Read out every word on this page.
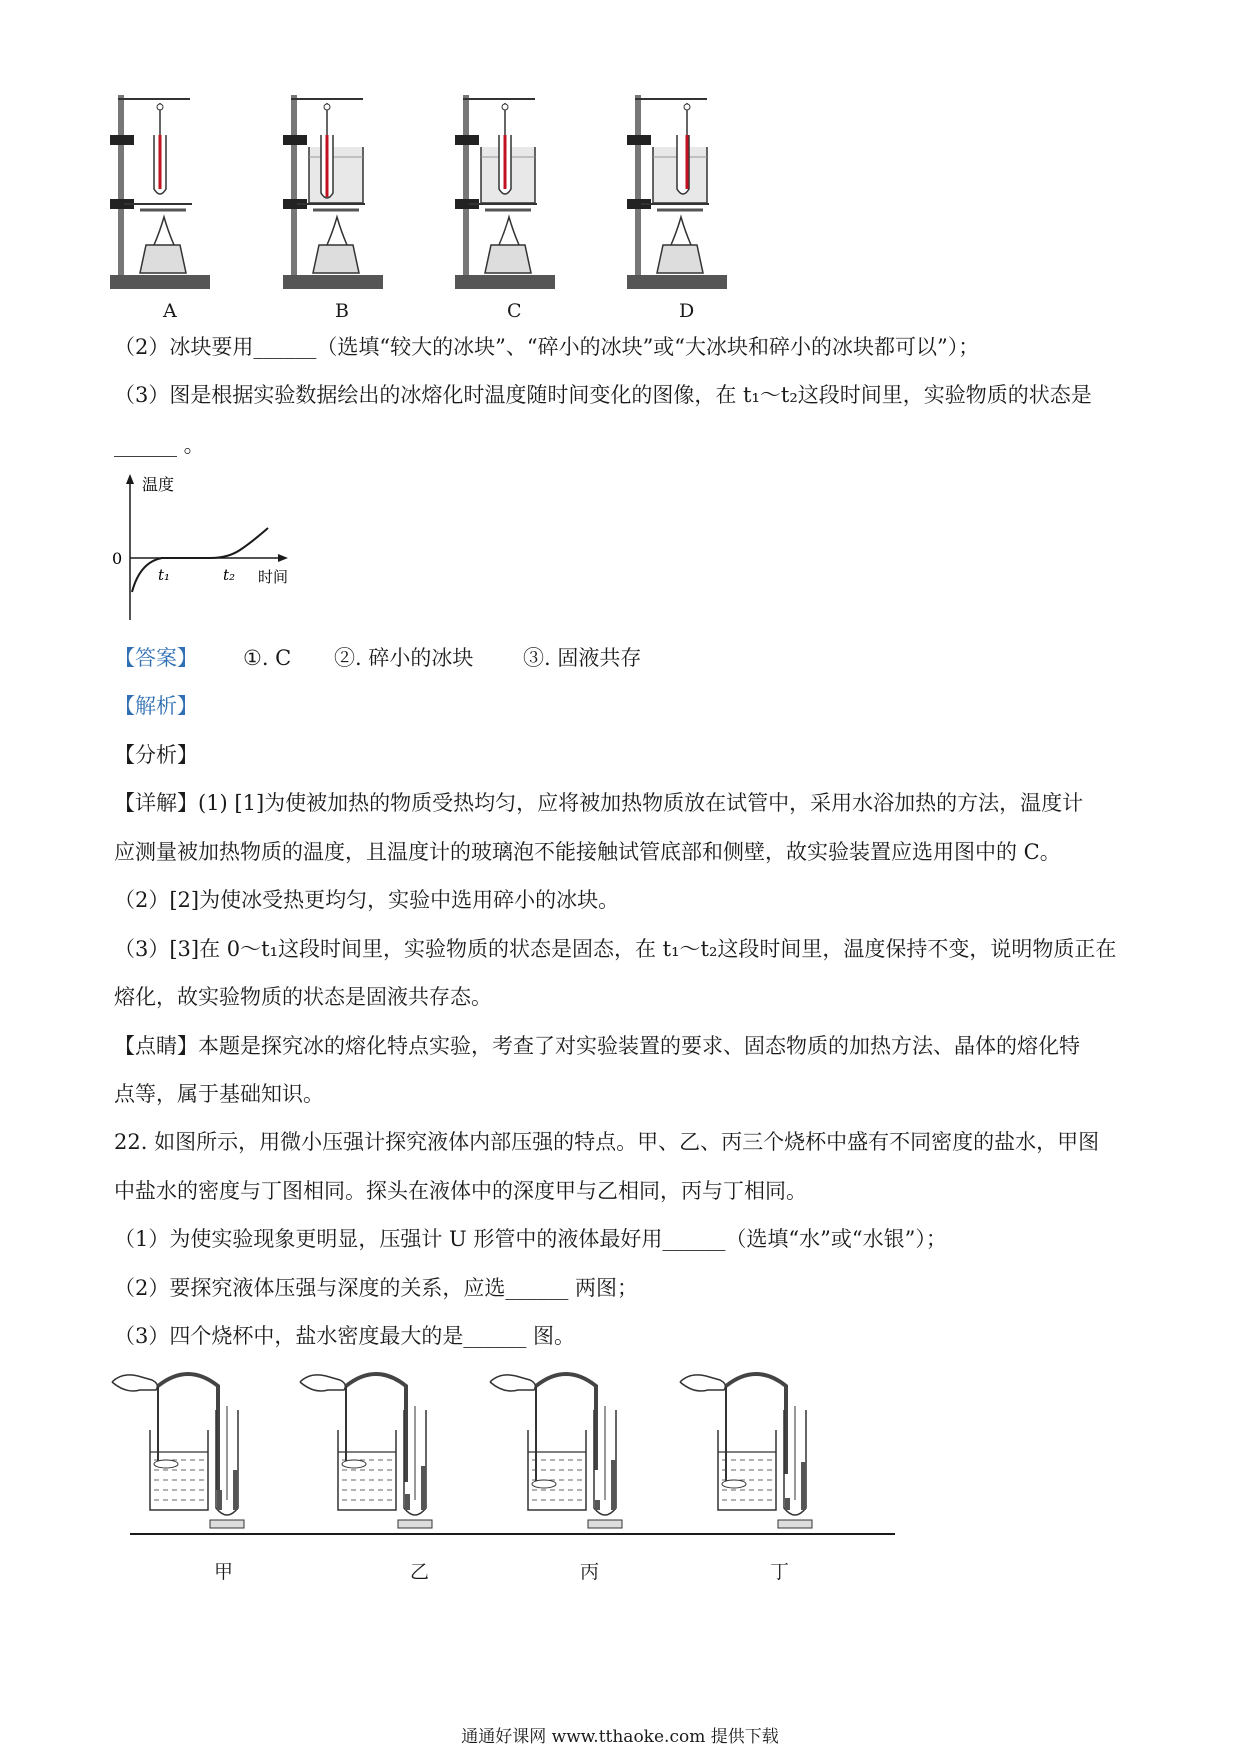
A	B	C	D
（2）冰块要用______（选填“较大的冰块”、“碎小的冰块”或“大冰块和碎小的冰块都可以”）；
（3）图是根据实验数据绘出的冰熔化时温度随时间变化的图像，在 t₁～t₂这段时间里，实验物质的状态是
______ 。
温度
0
t₁	t₂ 时间
【答案】 ①. C ②. 碎小的冰块 ③. 固液共存
【解析】
【分析】
【详解】(1) [1]为使被加热的物质受热均匀，应将被加热物质放在试管中，采用水浴加热的方法，温度计
应测量被加热物质的温度，且温度计的玻璃泡不能接触试管底部和侧壁，故实验装置应选用图中的 C。
（2）[2]为使冰受热更均匀，实验中选用碎小的冰块。
（3）[3]在 0～t₁这段时间里，实验物质的状态是固态，在 t₁～t₂这段时间里，温度保持不变，说明物质正在
熔化，故实验物质的状态是固液共存态。
【点睛】本题是探究冰的熔化特点实验，考查了对实验装置的要求、固态物质的加热方法、晶体的熔化特
点等，属于基础知识。
22. 如图所示，用微小压强计探究液体内部压强的特点。甲、乙、丙三个烧杯中盛有不同密度的盐水，甲图
中盐水的密度与丁图相同。探头在液体中的深度甲与乙相同，丙与丁相同。
（1）为使实验现象更明显，压强计 U 形管中的液体最好用______（选填“水”或“水银”）；
（2）要探究液体压强与深度的关系，应选______ 两图；
（3）四个烧杯中，盐水密度最大的是______ 图。
甲	乙	丙	丁
通通好课网 www.tthaoke.com 提供下载
